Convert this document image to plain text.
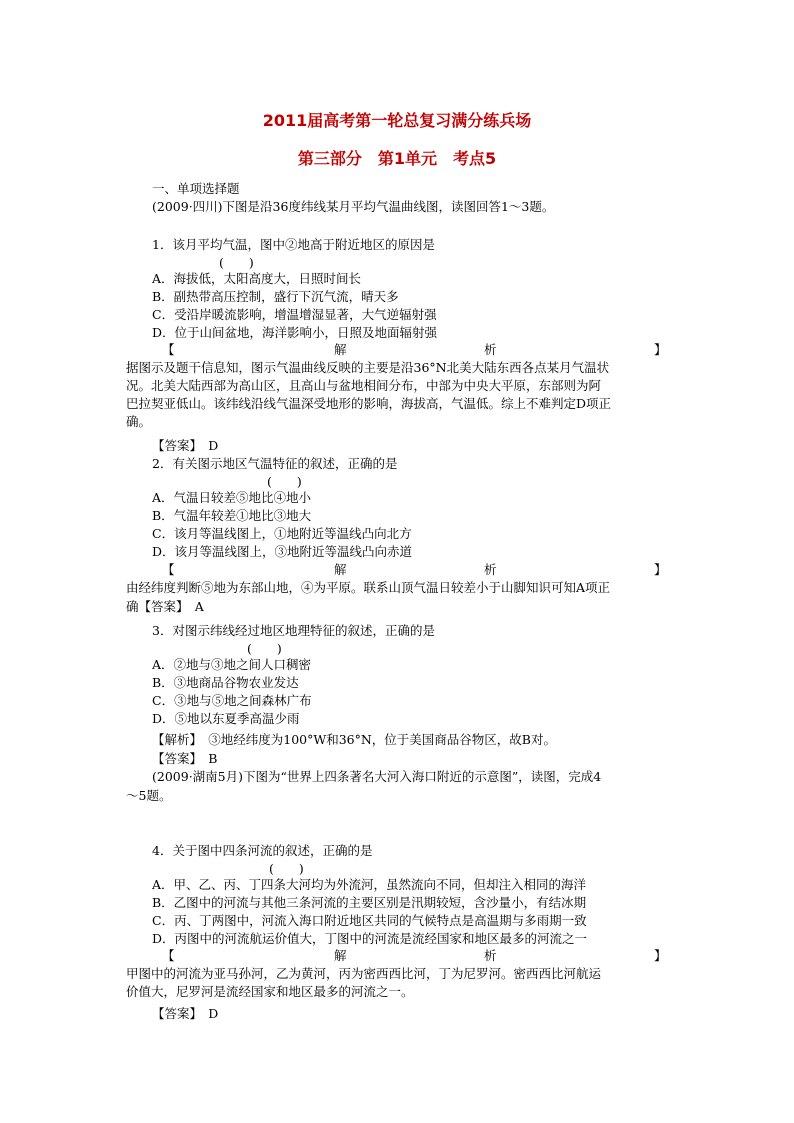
2011届高考第一轮总复习满分练兵场
第三部分　第1单元　考点5
一、单项选择题
(2009·四川)下图是沿36度纬线某月平均气温曲线图，读图回答1～3题。
1．该月平均气温，图中②地高于附近地区的原因是
(　　)
A．海拔低，太阳高度大，日照时间长
B．副热带高压控制，盛行下沉气流，晴天多
C．受沿岸暖流影响，增温增湿显著，大气逆辐射强
D．位于山间盆地，海洋影响小，日照及地面辐射强
【	解	析	】
据图示及题干信息知，图示气温曲线反映的主要是沿36°N北美大陆东西各点某月气温状
况。北美大陆西部为高山区，且高山与盆地相间分布，中部为中央大平原，东部则为阿
巴拉契亚低山。该纬线沿线气温深受地形的影响，海拔高，气温低。综上不难判定D项正
确。
【答案】　D
2．有关图示地区气温特征的叙述，正确的是
(　　)
A．气温日较差⑤地比④地小
B．气温年较差①地比③地大
C．该月等温线图上，①地附近等温线凸向北方
D．该月等温线图上，③地附近等温线凸向赤道
【	解	析	】
由经纬度判断⑤地为东部山地，④为平原。联系山顶气温日较差小于山脚知识可知A项正
确【答案】　A
3．对图示纬线经过地区地理特征的叙述，正确的是
(　　)
A．②地与③地之间人口稠密
B．③地商品谷物农业发达
C．③地与⑤地之间森林广布
D．⑤地以东夏季高温少雨
【解析】　③地经纬度为100°W和36°N，位于美国商品谷物区，故B对。
【答案】　B
(2009·湖南5月)下图为“世界上四条著名大河入海口附近的示意图”，读图，完成4
～5题。
4．关于图中四条河流的叙述，正确的是
(　　)
A．甲、乙、丙、丁四条大河均为外流河，虽然流向不同，但却注入相同的海洋
B．乙图中的河流与其他三条河流的主要区别是汛期较短，含沙量小，有结冰期
C．丙、丁两图中，河流入海口附近地区共同的气候特点是高温期与多雨期一致
D．丙图中的河流航运价值大，丁图中的河流是流经国家和地区最多的河流之一
【	解	析	】
甲图中的河流为亚马孙河，乙为黄河，丙为密西西比河，丁为尼罗河。密西西比河航运
价值大，尼罗河是流经国家和地区最多的河流之一。
【答案】　D
